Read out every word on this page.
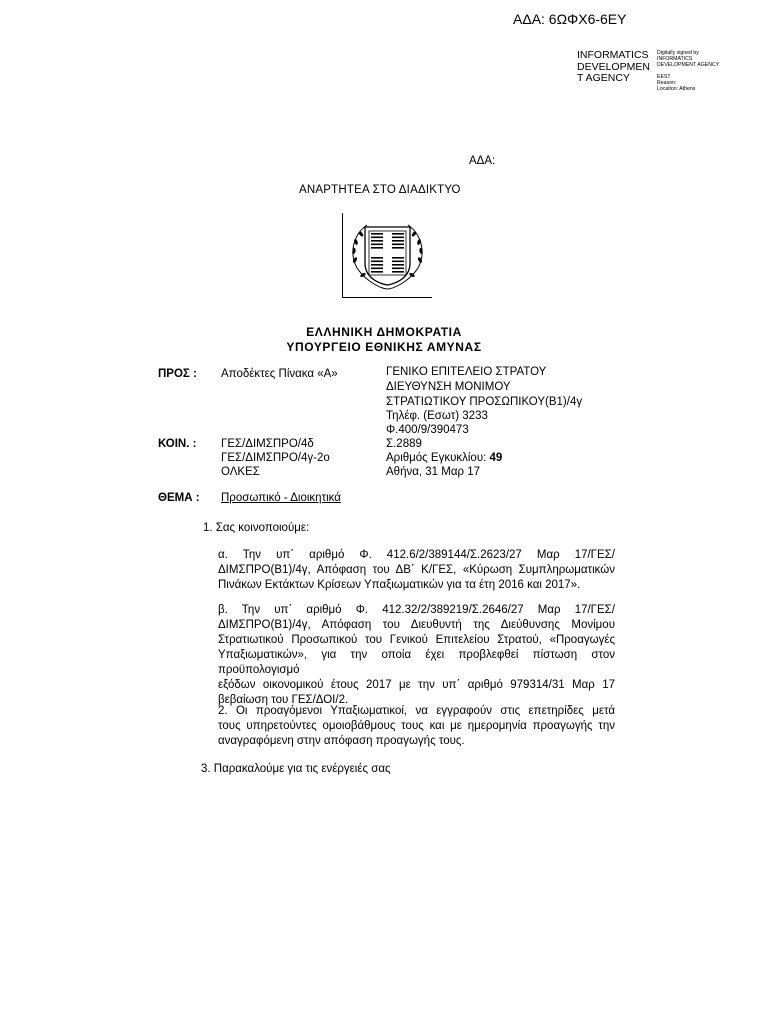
ΑΔΑ: 6ΩΦΧ6-6ΕΥ
INFORMATICS
DEVELOPMEN
T AGENCY
Digitally signed by
INFORMATICS
DEVELOPMENT AGENCY

EEST
Reason:
Location: Athens
ΑΔΑ:
ΑΝΑΡΤΗΤΕΑ ΣΤΟ ΔΙΑΔΙΚΤΥΟ
ΕΛΛΗΝΙΚΗ ΔΗΜΟΚΡΑΤΙΑ
ΥΠΟΥΡΓΕΙΟ ΕΘΝΙΚΗΣ ΑΜΥΝΑΣ
ΠΡΟΣ : Αποδέκτες Πίνακα «Α»	ΓΕΝΙΚΟ ΕΠΙΤΕΛΕΙΟ ΣΤΡΑΤΟΥ
ΔΙΕΥΘΥΝΣΗ ΜΟΝΙΜΟΥ
ΣΤΡΑΤΙΩΤΙΚΟΥ ΠΡΟΣΩΠΙΚΟΥ(Β1)/4γ
Τηλέφ. (Εσωτ) 3233
Φ.400/9/390473
Σ.2889
Αριθμός Εγκυκλίου: 49
Αθήνα, 31 Μαρ 17
ΚΟΙΝ. : ΓΕΣ/ΔΙΜΣΠΡΟ/4δ
ΓΕΣ/ΔΙΜΣΠΡΟ/4γ-2ο
ΟΛΚΕΣ
ΘΕΜΑ : Προσωπικό - Διοικητικά
1. Σας κοινοποιούμε:
α. Την υπ΄ αριθμό Φ. 412.6/2/389144/Σ.2623/27 Μαρ 17/ΓΕΣ/
ΔΙΜΣΠΡΟ(Β1)/4γ, Απόφαση του ΔΒ΄ Κ/ΓΕΣ, «Κύρωση Συμπληρωματικών
Πινάκων Εκτάκτων Κρίσεων Υπαξιωματικών για τα έτη 2016 και 2017».
β. Την υπ΄ αριθμό Φ. 412.32/2/389219/Σ.2646/27 Μαρ 17/ΓΕΣ/
ΔΙΜΣΠΡΟ(Β1)/4γ, Απόφαση του Διευθυντή της Διεύθυνσης Μονίμου
Στρατιωτικού Προσωπικού του Γενικού Επιτελείου Στρατού, «Προαγωγές
Υπαξιωματικών», για την οποία έχει προβλεφθεί πίστωση στον προϋπολογισμό
εξόδων οικονομικού έτους 2017 με την υπ΄ αριθμό 979314/31 Μαρ 17
βεβαίωση του ΓΕΣ/ΔΟΙ/2.
2. Οι προαγόμενοι Υπαξιωματικοί, να εγγραφούν στις επετηρίδες μετά
τους υπηρετούντες ομοιοβάθμους τους και με ημερομηνία προαγωγής την
αναγραφόμενη στην απόφαση προαγωγής τους.
3. Παρακαλούμε για τις ενέργειές σας
